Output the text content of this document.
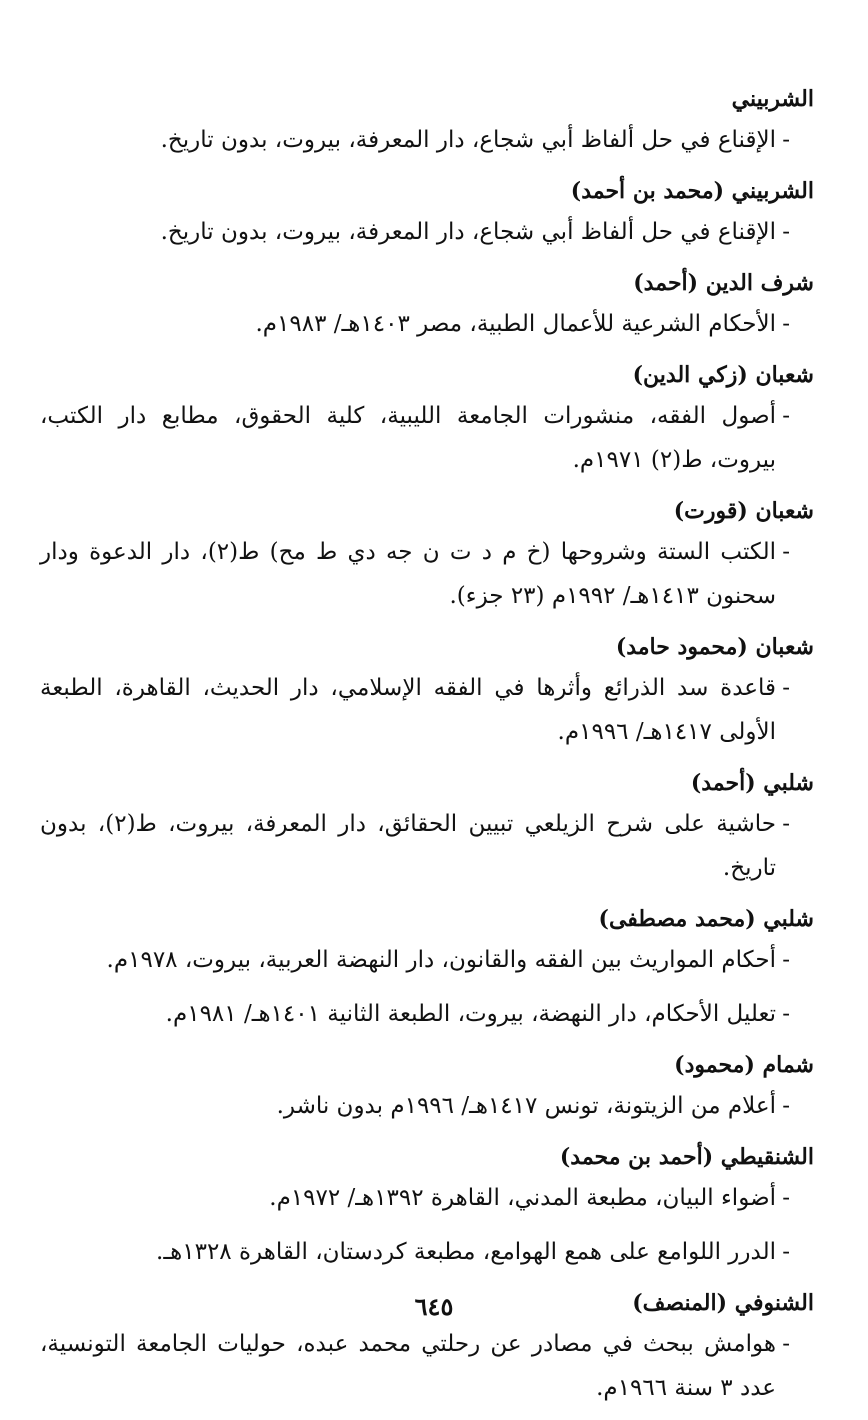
الشربيني

-
الإقناع في حل ألفاظ أبي شجاع، دار المعرفة، بيروت، بدون تاريخ.

الشربيني (محمد بن أحمد)

-
الإقناع في حل ألفاظ أبي شجاع، دار المعرفة، بيروت، بدون تاريخ.

شرف الدين (أحمد)

-
الأحكام الشرعية للأعمال الطبية، مصر ١٤٠٣هـ/ ١٩٨٣م.

شعبان (زكي الدين)

-
أصول الفقه، منشورات الجامعة الليبية، كلية الحقوق، مطابع دار الكتب، بيروت، ط(٢) ١٩٧١م.

شعبان (قورت)

-
الكتب الستة وشروحها (خ م د ت ن جه دي ط مح) ط(٢)، دار الدعوة ودار سحنون ١٤١٣هـ/ ١٩٩٢م (٢٣ جزء).

شعبان (محمود حامد)

-
قاعدة سد الذرائع وأثرها في الفقه الإسلامي، دار الحديث، القاهرة، الطبعة الأولى ١٤١٧هـ/ ١٩٩٦م.

شلبي (أحمد)

-
حاشية على شرح الزيلعي تبيين الحقائق، دار المعرفة، بيروت، ط(٢)، بدون تاريخ.

شلبي (محمد مصطفى)

-
أحكام المواريث بين الفقه والقانون، دار النهضة العربية، بيروت، ١٩٧٨م.

-
تعليل الأحكام، دار النهضة، بيروت، الطبعة الثانية ١٤٠١هـ/ ١٩٨١م.

شمام (محمود)

-
أعلام من الزيتونة، تونس ١٤١٧هـ/ ١٩٩٦م بدون ناشر.

الشنقيطي (أحمد بن محمد)

-
أضواء البيان، مطبعة المدني، القاهرة ١٣٩٢هـ/ ١٩٧٢م.

-
الدرر اللوامع على همع الهوامع، مطبعة كردستان، القاهرة ١٣٢٨هـ.

الشنوفي (المنصف)

-
هوامش ببحث في مصادر عن رحلتي محمد عبده، حوليات الجامعة التونسية، عدد ٣ سنة ١٩٦٦م.

٦٤٥
